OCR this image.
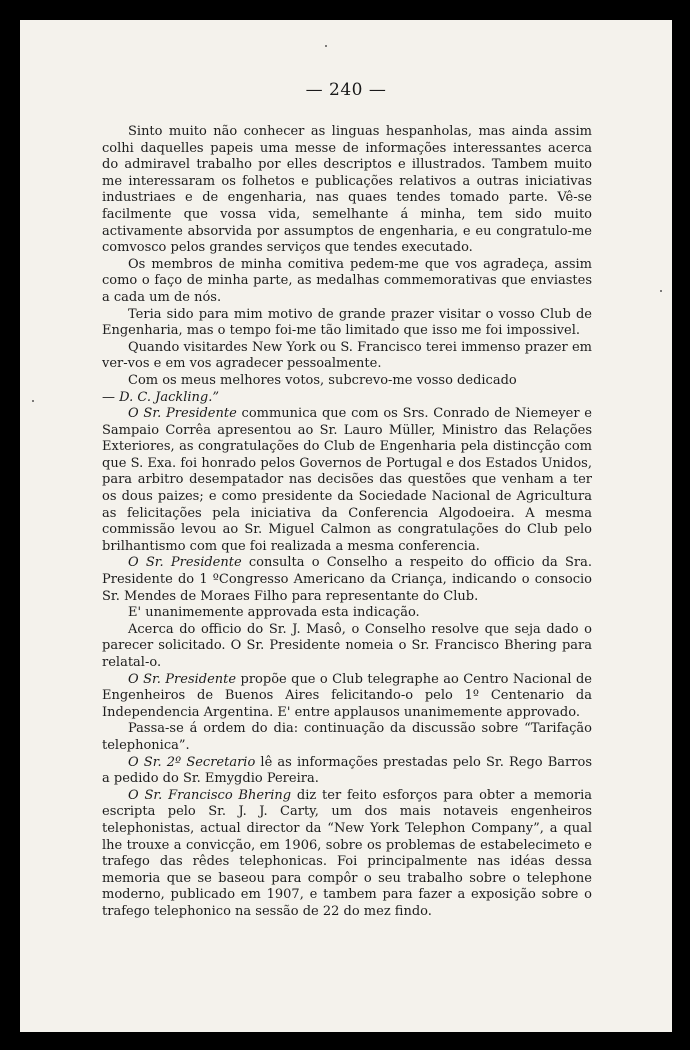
— 240 —

Sinto muito não conhecer as linguas hespanholas, mas ainda assim colhi daquelles papeis uma messe de informações interessantes acerca do admiravel trabalho por elles descriptos e illustrados. Tambem muito me interessaram os folhetos e publicações relativos a outras iniciativas industriaes e de engenharia, nas quaes tendes tomado parte. Vê-se facilmente que vossa vida, semelhante á minha, tem sido muito activamente absorvida por assumptos de engenharia, e eu congratulo-me comvosco pelos grandes serviços que tendes executado.

Os membros de minha comitiva pedem-me que vos agradeça, assim como o faço de minha parte, as medalhas commemorativas que enviastes a cada um de nós.

Teria sido para mim motivo de grande prazer visitar o vosso Club de Engenharia, mas o tempo foi-me tão limitado que isso me foi impossivel.

Quando visitardes New York ou S. Francisco terei immenso prazer em ver-vos e em vos agradecer pessoalmente.

Com os meus melhores votos, subcrevo-me vosso dedicado

— D. C. Jackling.”

O Sr. Presidente communica que com os Srs. Conrado de Niemeyer e Sampaio Corrêa apresentou ao Sr. Lauro Müller, Ministro das Relações Exteriores, as congratulações do Club de Engenharia pela distincção com que S. Exa. foi honrado pelos Governos de Portugal e dos Estados Unidos, para arbitro desempatador nas decisões das questões que venham a ter os dous paizes; e como presidente da Sociedade Nacional de Agricultura as felicitações pela iniciativa da Conferencia Algodoeira. A mesma commissão levou ao Sr. Miguel Calmon as congratulações do Club pelo brilhantismo com que foi realizada a mesma conferencia.

O Sr. Presidente consulta o Conselho a respeito do officio da Sra. Presidente do 1 ºCongresso Americano da Criança, indicando o consocio Sr. Mendes de Moraes Filho para representante do Club.

E' unanimemente approvada esta indicação.

Acerca do officio do Sr. J. Masô, o Conselho resolve que seja dado o parecer solicitado. O Sr. Presidente nomeia o Sr. Francisco Bhering para relatal-o.

O Sr. Presidente propõe que o Club telegraphe ao Centro Nacional de Engenheiros de Buenos Aires felicitando-o pelo 1º Centenario da Independencia Argentina. E' entre applausos unanimemente approvado.

Passa-se á ordem do dia: continuação da discussão sobre “Tarifação telephonica”.

O Sr. 2º Secretario lê as informações prestadas pelo Sr. Rego Barros a pedido do Sr. Emygdio Pereira.

O Sr. Francisco Bhering diz ter feito esforços para obter a memoria escripta pelo Sr. J. J. Carty, um dos mais notaveis engenheiros telephonistas, actual director da “New York Telephon Company”, a qual lhe trouxe a convicção, em 1906, sobre os problemas de estabelecimeto e trafego das rêdes telephonicas. Foi principalmente nas idéas dessa memoria que se baseou para compôr o seu trabalho sobre o telephone moderno, publicado em 1907, e tambem para fazer a exposição sobre o trafego telephonico na sessão de 22 do mez findo.
